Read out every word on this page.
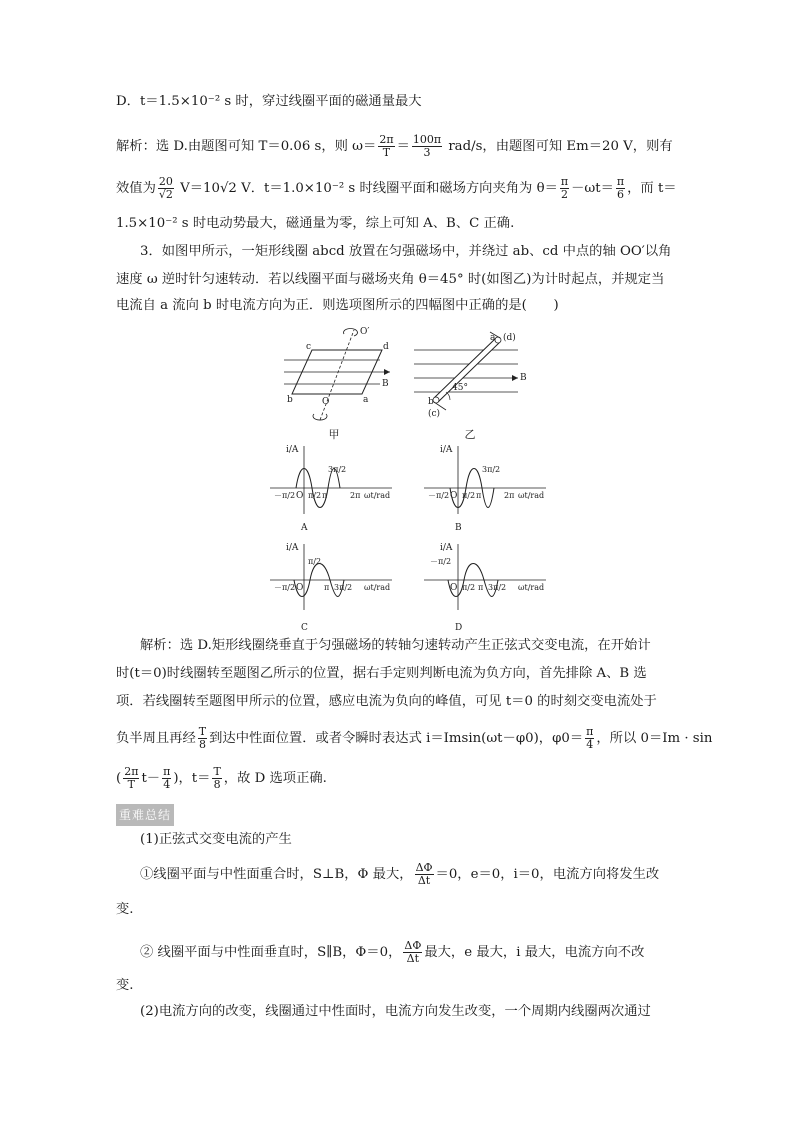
D．t＝1.5×10⁻² s 时，穿过线圈平面的磁通量最大
解析：选 D.由题图可知 T＝0.06 s，则 $\omega= \frac{2\pi}{T} = \frac{100\pi}{3} rad/s$，由题图可知 Em＝20 V，则有
效值为 $\frac{20}{√2} V=10√2$ V．t＝1.0×10⁻² s 时线圈平面和磁场方向夹角为 $\theta= \frac{\pi}{2} -\omega t= \frac{\pi}{6}$ ，而 t＝
1.5×10⁻² s 时电动势最大，磁通量为零，综上可知 A、B、C 正确.
3．如图甲所示，一矩形线圈 abcd 放置在匀强磁场中，并绕过 ab、cd 中点的轴 OO′以角
速度 ω 逆时针匀速转动．若以线圈平面与磁场夹角 θ＝45° 时(如图乙)为计时起点，并规定当
电流自 a 流向 b 时电流方向为正．则选项图所示的四幅图中正确的是(　　)
O′
O
c	d
b	a
B
甲
45°
a (d)
b
(c)
B
乙
i/A
O
－π/2 π/2 π
3π/2
2π ωt/rad
A
i/A
O
－π/2 π/2 π
3π/2
2π ωt/rad
B
i/A
O
－π/2
π/2
π 3π/2 ωt/rad
C
i/A
O
－π/2
π/2 π 3π/2 ωt/rad
D
解析：选 D.矩形线圈绕垂直于匀强磁场的转轴匀速转动产生正弦式交变电流，在开始计
时(t＝0)时线圈转至题图乙所示的位置，据右手定则判断电流为负方向，首先排除 A、B 选
项．若线圈转至题图甲所示的位置，感应电流为负向的峰值，可见 t＝0 的时刻交变电流处于
负半周且再经 $\frac{T}{8}$ 到达中性面位置．或者令瞬时表达式 i＝Imsin(ωt－φ0)，$\varphi 0= \frac{\pi}{4}$ ，所以 0＝Im · sin
( $\frac{2\pi}{T} t- \frac{\pi}{4}$ )，$t= \frac{T}{8}$ ，故 D 选项正确.
重难总结
(1)正弦式交变电流的产生
①线圈平面与中性面重合时，S⊥B，Φ 最大， $\frac{\Delta\Phi}{\Delta t} =0$，e＝0，i＝0，电流方向将发生改
变.
② 线圈平面与中性面垂直时，S∥B，Φ＝0， $\frac{\Delta\Phi}{\Delta t}$ 最大，e 最大，i 最大，电流方向不改
变.
(2)电流方向的改变，线圈通过中性面时，电流方向发生改变，一个周期内线圈两次通过
